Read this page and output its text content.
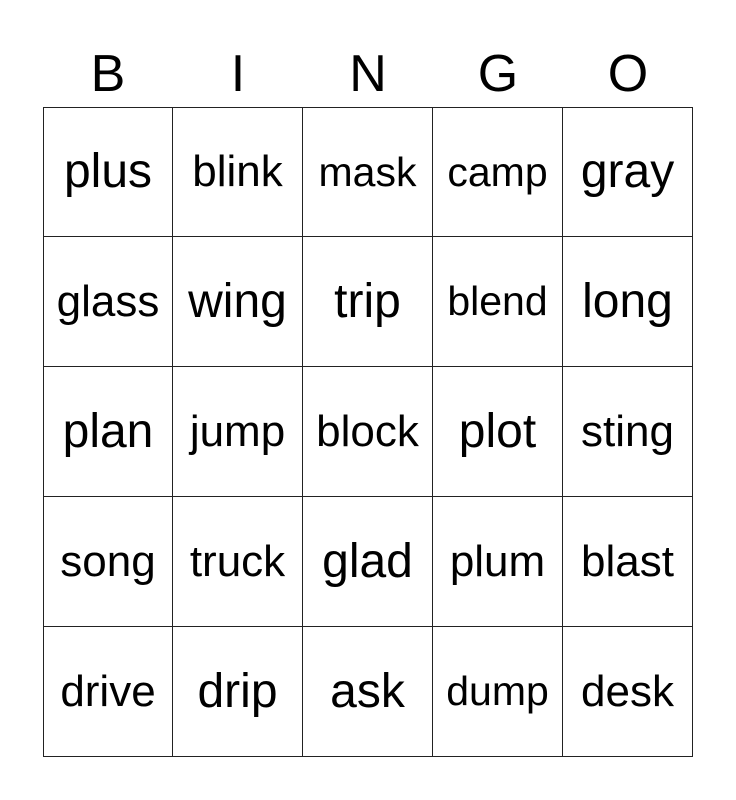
B	I	N	G	O
plus blink mask camp gray
glass wing trip blend long
plan jump block plot sting
song truck glad plum blast
drive drip ask dump desk
